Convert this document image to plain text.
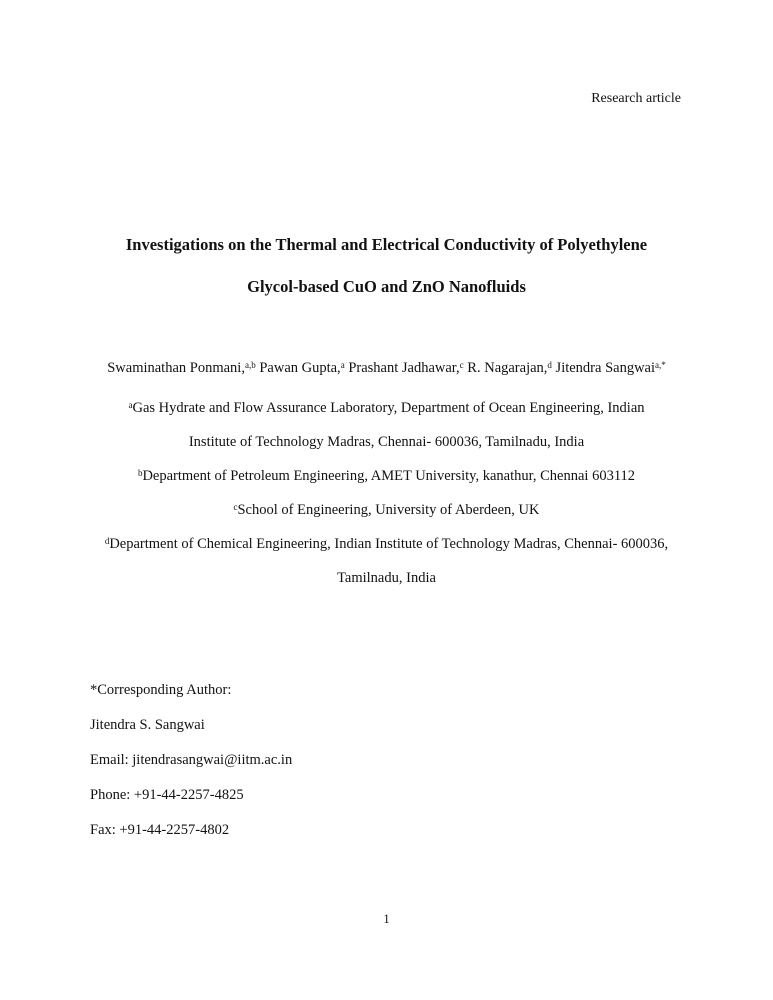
Research article
Investigations on the Thermal and Electrical Conductivity of Polyethylene
Glycol-based CuO and ZnO Nanofluids
Swaminathan Ponmani,$^{a,b}$ Pawan Gupta,$^a$ Prashant Jadhawar,$^c$ R. Nagarajan,$^d$ Jitendra Sangwai$^{a,*}$
$^a$Gas Hydrate and Flow Assurance Laboratory, Department of Ocean Engineering, Indian
Institute of Technology Madras, Chennai- 600036, Tamilnadu, India
$^b$Department of Petroleum Engineering, AMET University, kanathur, Chennai 603112
$^c$School of Engineering, University of Aberdeen, UK
$^d$Department of Chemical Engineering, Indian Institute of Technology Madras, Chennai- 600036,
Tamilnadu, India

*Corresponding Author:

Jitendra S. Sangwai

Email: jitendrasangwai@iitm.ac.in

Phone: +91-44-2257-4825

Fax: +91-44-2257-4802

1
